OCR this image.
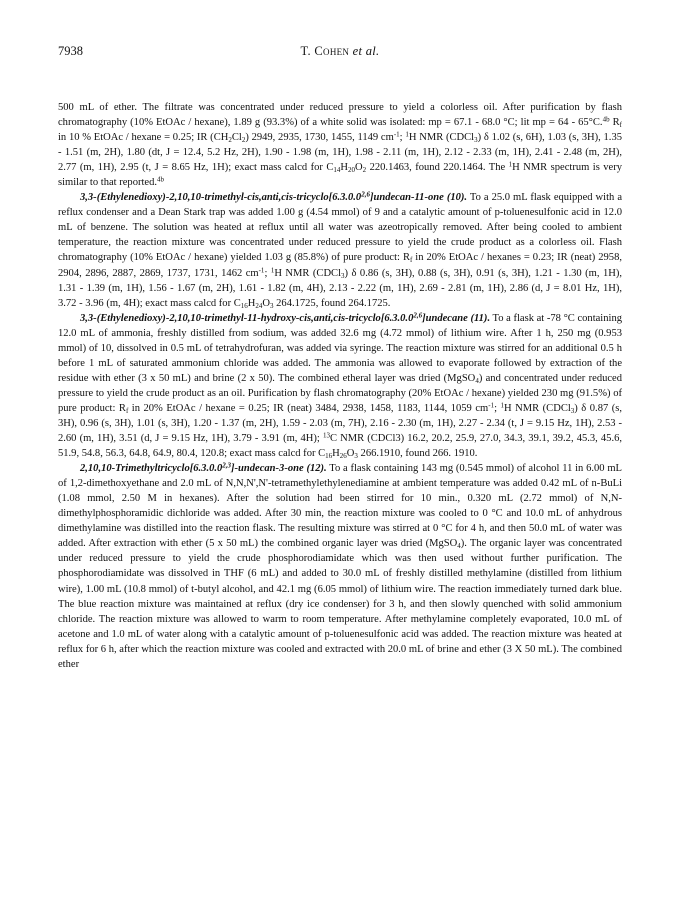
7938	T. Cohen et al.

500 mL of ether. The filtrate was concentrated under reduced pressure to yield a colorless oil. After purification by flash chromatography (10% EtOAc / hexane), 1.89 g (93.3%) of a white solid was isolated: mp = 67.1 - 68.0 °C; lit mp = 64 - 65°C.$^{4b}$ $R_f$ in 10 % EtOAc / hexane = 0.25; IR $(CH_2Cl_2)$ 2949, 2935, 1730, 1455, 1149 $cm^{-1}$; $^1$H NMR (CDCl$_3$) δ 1.02 (s, 6H), 1.03 (s, 3H), 1.35 - 1.51 (m, 2H), 1.80 (dt, J = 12.4, 5.2 Hz, 2H), 1.90 - 1.98 (m, 1H), 1.98 - 2.11 (m, 1H), 2.12 - 2.33 (m, 1H), 2.41 - 2.48 (m, 2H), 2.77 (m, 1H), 2.95 (t, J = 8.65 Hz, 1H); exact mass calcd for $C_{14}H_{20}O_2$ 220.1463, found 220.1464. The $^1$H NMR spectrum is very similar to that reported.$^{4b}$

3,3-(Ethylenedioxy)-2,10,10-trimethyl-cis,anti,cis-tricyclo[6.3.0.0$^{2,6}$]undecan-11-one (10). To a 25.0 mL flask equipped with a reflux condenser and a Dean Stark trap was added 1.00 g (4.54 mmol) of 9 and a catalytic amount of p-toluenesulfonic acid in 12.0 mL of benzene. The solution was heated at reflux until all water was azeotropically removed. After being cooled to ambient temperature, the reaction mixture was concentrated under reduced pressure to yield the crude product as a colorless oil. Flash chromatography (10% EtOAc / hexane) yielded 1.03 g (85.8%) of pure product: $R_f$ in 20% EtOAc / hexanes = 0.23; IR (neat) 2958, 2904, 2896, 2887, 2869, 1737, 1731, 1462 $cm^{-1}$; $^1$H NMR (CDCl$_3$) δ 0.86 (s, 3H), 0.88 (s, 3H), 0.91 (s, 3H), 1.21 - 1.30 (m, 1H), 1.31 - 1.39 (m, 1H), 1.56 - 1.67 (m, 2H), 1.61 - 1.82 (m, 4H), 2.13 - 2.22 (m, 1H), 2.69 - 2.81 (m, 1H), 2.86 (d, J = 8.01 Hz, 1H), 3.72 - 3.96 (m, 4H); exact mass calcd for $C_{16}H_{24}O_3$ 264.1725, found 264.1725.

3,3-(Ethylenedioxy)-2,10,10-trimethyl-11-hydroxy-cis,anti,cis-tricyclo[6.3.0.0$^{2,6}$]undecane (11). To a flask at -78 °C containing 12.0 mL of ammonia, freshly distilled from sodium, was added 32.6 mg (4.72 mmol) of lithium wire. After 1 h, 250 mg (0.953 mmol) of 10, dissolved in 0.5 mL of tetrahydrofuran, was added via syringe. The reaction mixture was stirred for an additional 0.5 h before 1 mL of saturated ammonium chloride was added. The ammonia was allowed to evaporate followed by extraction of the residue with ether (3 x 50 mL) and brine (2 x 50). The combined etheral layer was dried (MgSO$_4$) and concentrated under reduced pressure to yield the crude product as an oil. Purification by flash chromatography (20% EtOAc / hexane) yielded 230 mg (91.5%) of pure product: $R_f$ in 20% EtOAc / hexane = 0.25; IR (neat) 3484, 2938, 1458, 1183, 1144, 1059 $cm^{-1}$; $^1$H NMR (CDCl$_3$) δ 0.87 (s, 3H), 0.96 (s, 3H), 1.01 (s, 3H), 1.20 - 1.37 (m, 2H), 1.59 - 2.03 (m, 7H), 2.16 - 2.30 (m, 1H), 2.27 - 2.34 (t, J = 9.15 Hz, 1H), 2.53 - 2.60 (m, 1H), 3.51 (d, J = 9.15 Hz, 1H), 3.79 - 3.91 (m, 4H); $^{13}$C NMR (CDCl3) 16.2, 20.2, 25.9, 27.0, 34.3, 39.1, 39.2, 45.3, 45.6, 51.9, 54.8, 56.3, 64.8, 64.9, 80.4, 120.8; exact mass calcd for $C_{16}H_{26}O_3$ 266.1910, found 266. 1910.

2,10,10-Trimethyltricyclo[6.3.0.0$^{2,3}$]-undecan-3-one (12). To a flask containing 143 mg (0.545 mmol) of alcohol 11 in 6.00 mL of 1,2-dimethoxyethane and 2.0 mL of N,N,N',N'-tetramethylethylenediamine at ambient temperature was added 0.42 mL of n-BuLi (1.08 mmol, 2.50 M in hexanes). After the solution had been stirred for 10 min., 0.320 mL (2.72 mmol) of N,N-dimethylphosphoramidic dichloride was added. After 30 min, the reaction mixture was cooled to 0 °C and 10.0 mL of anhydrous dimethylamine was distilled into the reaction flask. The resulting mixture was stirred at 0 °C for 4 h, and then 50.0 mL of water was added. After extraction with ether (5 x 50 mL) the combined organic layer was dried (MgSO$_4$). The organic layer was concentrated under reduced pressure to yield the crude phosphorodiamidate which was then used without further purification. The phosphorodiamidate was dissolved in THF (6 mL) and added to 30.0 mL of freshly distilled methylamine (distilled from lithium wire), 1.00 mL (10.8 mmol) of t-butyl alcohol, and 42.1 mg (6.05 mmol) of lithium wire. The reaction immediately turned dark blue. The blue reaction mixture was maintained at reflux (dry ice condenser) for 3 h, and then slowly quenched with solid ammonium chloride. The reaction mixture was allowed to warm to room temperature. After methylamine completely evaporated, 10.0 mL of acetone and 1.0 mL of water along with a catalytic amount of p-toluenesulfonic acid was added. The reaction mixture was heated at reflux for 6 h, after which the reaction mixture was cooled and extracted with 20.0 mL of brine and ether (3 X 50 mL). The combined ether
